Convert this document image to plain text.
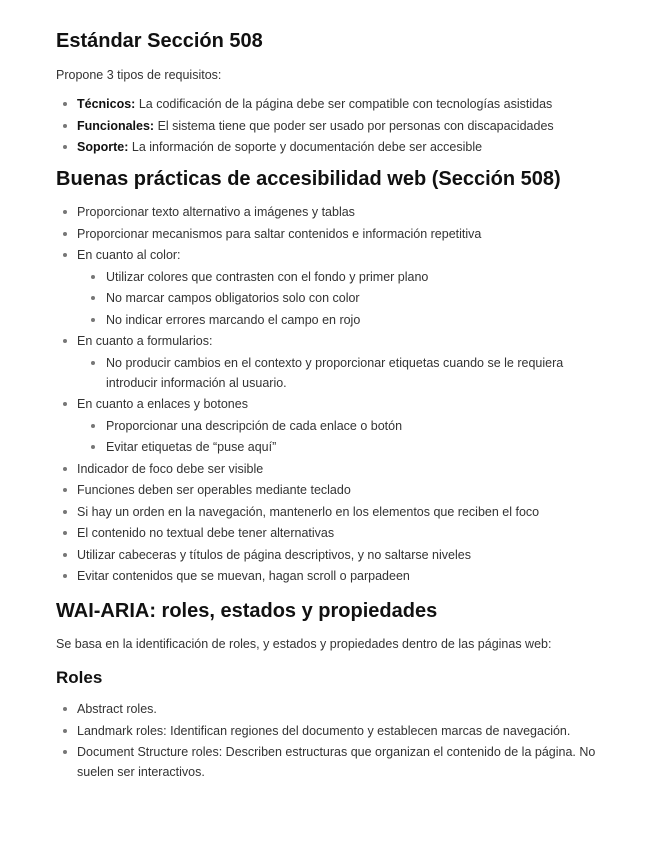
Estándar Sección 508

Propone 3 tipos de requisitos:

Técnicos: La codificación de la página debe ser compatible con tecnologías asistidas
Funcionales: El sistema tiene que poder ser usado por personas con discapacidades
Soporte: La información de soporte y documentación debe ser accesible
Buenas prácticas de accesibilidad web (Sección 508)
Proporcionar texto alternativo a imágenes y tablas
Proporcionar mecanismos para saltar contenidos e información repetitiva
En cuanto al color:
Utilizar colores que contrasten con el fondo y primer plano
No marcar campos obligatorios solo con color
No indicar errores marcando el campo en rojo
En cuanto a formularios:
No producir cambios en el contexto y proporcionar etiquetas cuando se le requiera introducir información al usuario.
En cuanto a enlaces y botones
Proporcionar una descripción de cada enlace o botón
Evitar etiquetas de “puse aquí”
Indicador de foco debe ser visible
Funciones deben ser operables mediante teclado
Si hay un orden en la navegación, mantenerlo en los elementos que reciben el foco
El contenido no textual debe tener alternativas
Utilizar cabeceras y títulos de página descriptivos, y no saltarse niveles
Evitar contenidos que se muevan, hagan scroll o parpadeen
WAI-ARIA: roles, estados y propiedades

Se basa en la identificación de roles, y estados y propiedades dentro de las páginas web:

Roles
Abstract roles.
Landmark roles: Identifican regiones del documento y establecen marcas de navegación.
Document Structure roles: Describen estructuras que organizan el contenido de la página. No suelen ser interactivos.
